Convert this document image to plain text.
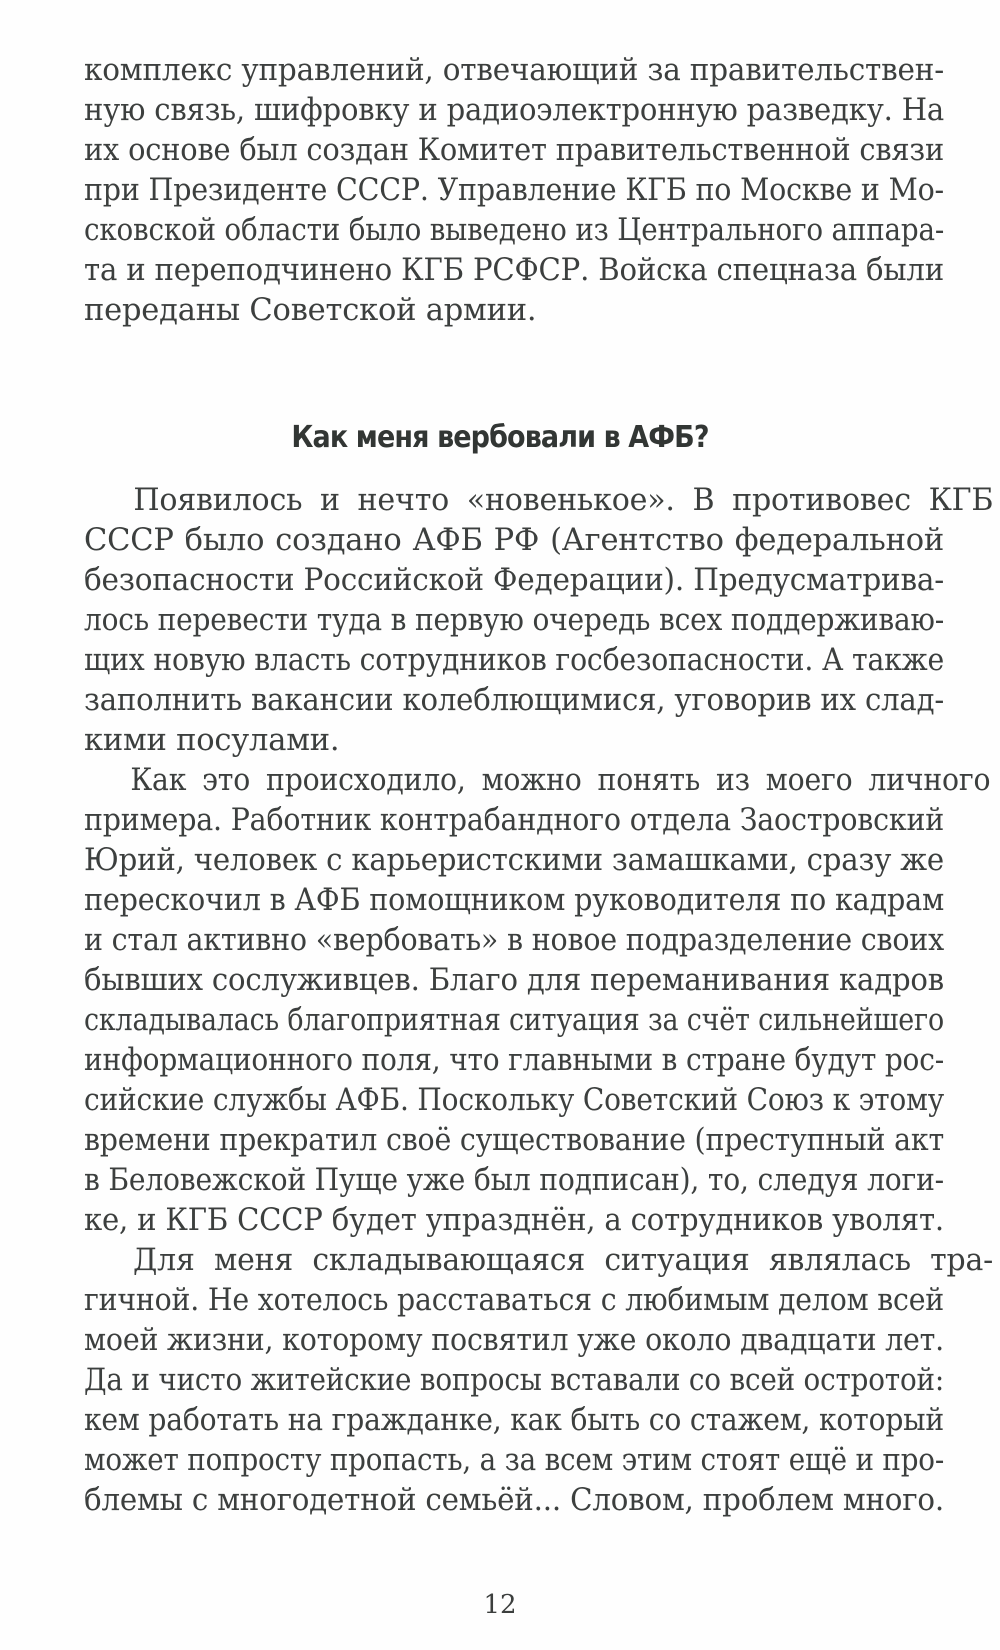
комплекс управлений, отвечающий за правительствен-
ную связь, шифровку и радиоэлектронную разведку. На
их основе был создан Комитет правительственной связи
при Президенте СССР. Управление КГБ по Москве и Мо-
сковской области было выведено из Центрального аппара-
та и переподчинено КГБ РСФСР. Войска спецназа были
переданы Советской армии.
Как меня вербовали в АФБ?
Появилось и нечто «новенькое». В противовес КГБ
СССР было создано АФБ РФ (Агентство федеральной
безопасности Российской Федерации). Предусматрива-
лось перевести туда в первую очередь всех поддерживаю-
щих новую власть сотрудников госбезопасности. А также
заполнить вакансии колеблющимися, уговорив их слад-
кими посулами.
Как это происходило, можно понять из моего личного
примера. Работник контрабандного отдела Заостровский
Юрий, человек с карьеристскими замашками, сразу же
перескочил в АФБ помощником руководителя по кадрам
и стал активно «вербовать» в новое подразделение своих
бывших сослуживцев. Благо для переманивания кадров
складывалась благоприятная ситуация за счёт сильнейшего
информационного поля, что главными в стране будут рос-
сийские службы АФБ. Поскольку Советский Союз к этому
времени прекратил своё существование (преступный акт
в Беловежской Пуще уже был подписан), то, следуя логи-
ке, и КГБ СССР будет упразднён, а сотрудников уволят.
Для меня складывающаяся ситуация являлась тра-
гичной. Не хотелось расставаться с любимым делом всей
моей жизни, которому посвятил уже около двадцати лет.
Да и чисто житейские вопросы вставали со всей остротой:
кем работать на гражданке, как быть со стажем, который
может попросту пропасть, а за всем этим стоят ещё и про-
блемы с многодетной семьёй... Словом, проблем много.
12
